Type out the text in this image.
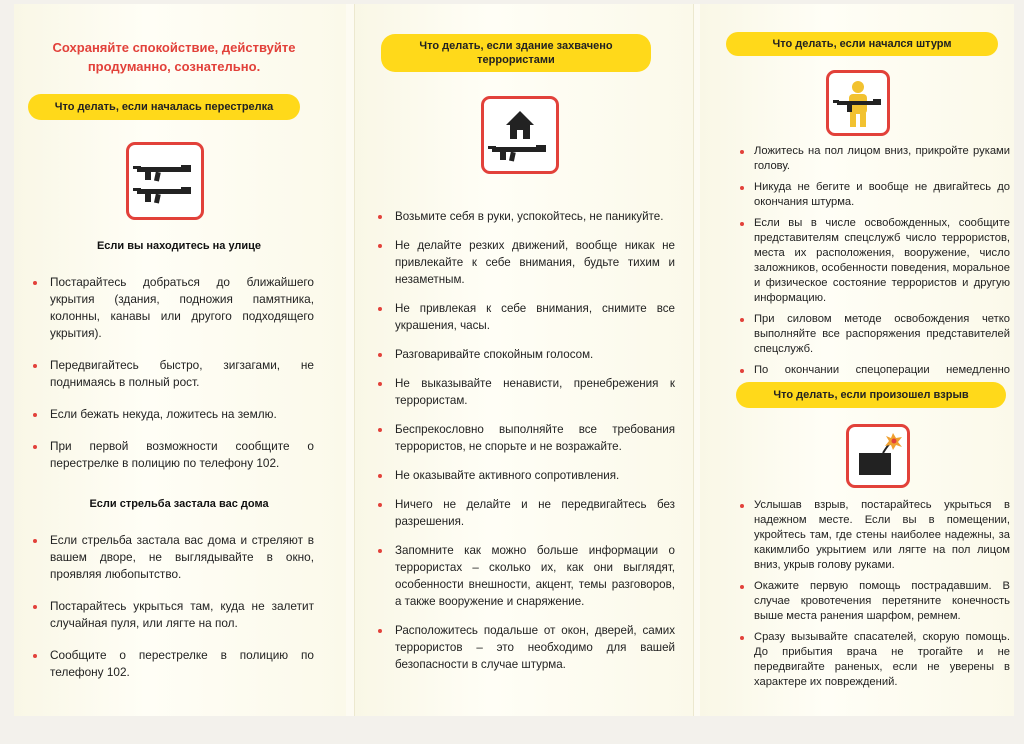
Сохраняйте спокойствие, действуйте продуманно, сознательно.
Что делать, если началась перестрелка
Если вы находитесь на улице
Постарайтесь добраться до ближайшего укрытия (здания, подножия памятника, колонны, канавы или другого подходящего укрытия).
Передвигайтесь быстро, зигзагами, не поднимаясь в полный рост.
Если бежать некуда, ложитесь на землю.
При первой возможности сообщите о перестрелке в полицию по телефону 102.
Если стрельба застала вас дома
Если стрельба застала вас дома и стреляют в вашем дворе, не выглядывайте в окно, проявляя любопытство.
Постарайтесь укрыться там, куда не залетит случайная пуля, или лягте на пол.
Сообщите о перестрелке в полицию по телефону 102.
Что делать, если здание захвачено террористами
Возьмите себя в руки, успокойтесь, не паникуйте.
Не делайте резких движений, вообще никак не привлекайте к себе внимания, будьте тихим и незаметным.
Не привлекая к себе внимания, снимите все украшения, часы.
Разговаривайте спокойным голосом.
Не выказывайте ненависти, пренебрежения к террористам.
Беспрекословно выполняйте все требования террористов, не спорьте и не возражайте.
Не оказывайте активного сопротивления.
Ничего не делайте и не передвигайтесь без разрешения.
Запомните как можно больше информации о террористах – сколько их, как они выглядят, особенности внешности, акцент, темы разговоров, а также вооружение и снаряжение.
Расположитесь подальше от окон, дверей, самих террористов – это необходимо для вашей безопасности в случае штурма.
Что делать, если начался штурм
Ложитесь на пол лицом вниз, прикройте руками голову.
Никуда не бегите и вообще не двигайтесь до окончания штурма.
Если вы в числе освобожденных, сообщите представителям спецслужб число террористов, места их расположения, вооружение, число заложников, особенности поведения, моральное и физическое состояние террористов и другую информацию.
При силовом методе освобождения четко выполняйте все распоряжения представителей спецслужб.
По окончании спецоперации немедленно
Что делать, если произошел взрыв
Услышав взрыв, постарайтесь укрыться в надежном месте. Если вы в помещении, укройтесь там, где стены наиболее надежны, за какимлибо укрытием или лягте на пол лицом вниз, укрыв голову руками.
Окажите первую помощь пострадавшим. В случае кровотечения перетяните конечность выше места ранения шарфом, ремнем.
Сразу вызывайте спасателей, скорую помощь. До прибытия врача не трогайте и не передвигайте раненых, если не уверены в характере их повреждений.
